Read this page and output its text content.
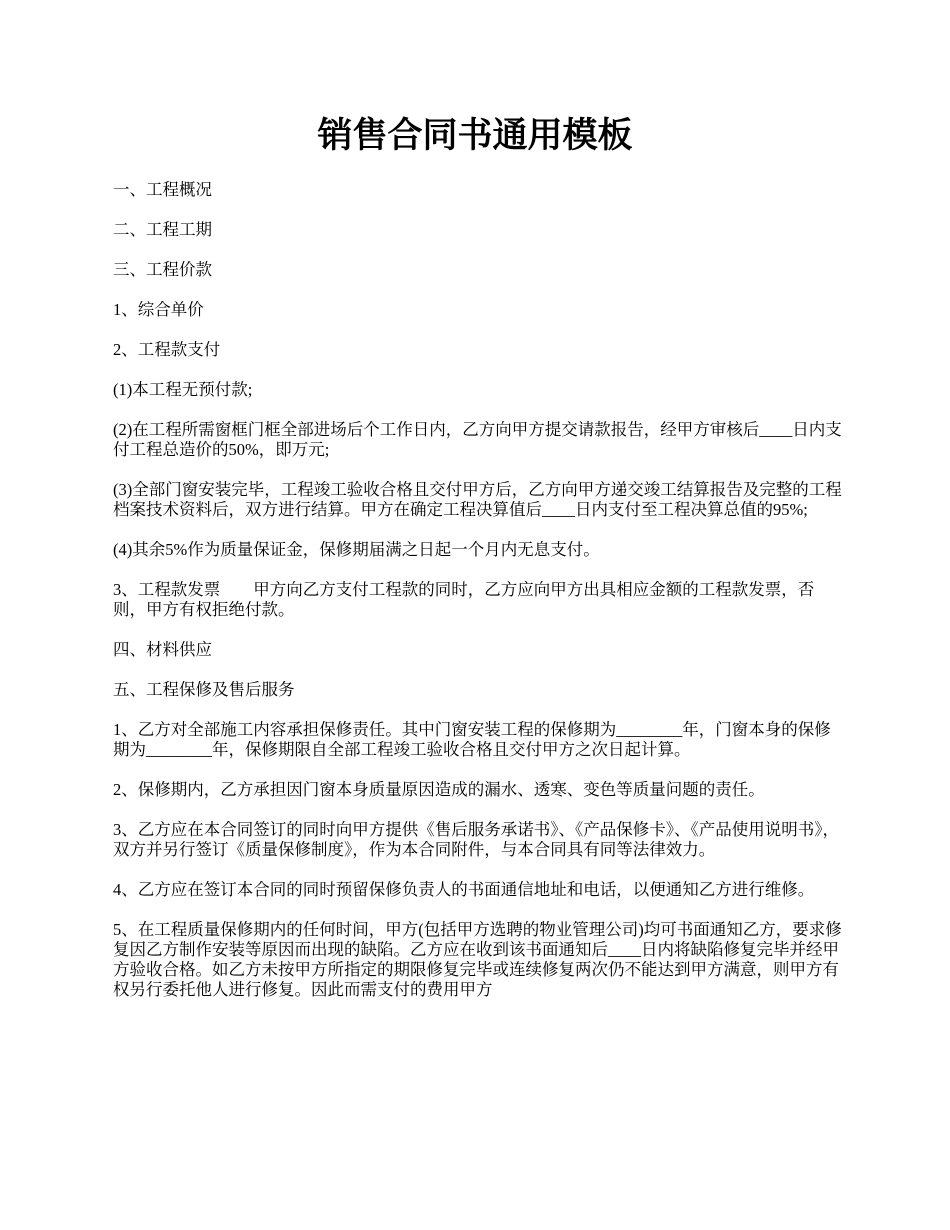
销售合同书通用模板

一、工程概况

二、工程工期

三、工程价款

1、综合单价

2、工程款支付

(1)本工程无预付款;

(2)在工程所需窗框门框全部进场后个工作日内，乙方向甲方提交请款报告，经甲方审核后____日内支付工程总造价的50%，即万元;

(3)全部门窗安装完毕，工程竣工验收合格且交付甲方后，乙方向甲方递交竣工结算报告及完整的工程档案技术资料后，双方进行结算。甲方在确定工程决算值后____日内支付至工程决算总值的95%;

(4)其余5%作为质量保证金，保修期届满之日起一个月内无息支付。

3、工程款发票　　甲方向乙方支付工程款的同时，乙方应向甲方出具相应金额的工程款发票，否则，甲方有权拒绝付款。

四、材料供应

五、工程保修及售后服务

1、乙方对全部施工内容承担保修责任。其中门窗安装工程的保修期为________年，门窗本身的保修期为________年，保修期限自全部工程竣工验收合格且交付甲方之次日起计算。

2、保修期内，乙方承担因门窗本身质量原因造成的漏水、透寒、变色等质量问题的责任。

3、乙方应在本合同签订的同时向甲方提供《售后服务承诺书》、《产品保修卡》、《产品使用说明书》，双方并另行签订《质量保修制度》，作为本合同附件，与本合同具有同等法律效力。

4、乙方应在签订本合同的同时预留保修负责人的书面通信地址和电话，以便通知乙方进行维修。

5、在工程质量保修期内的任何时间，甲方(包括甲方选聘的物业管理公司)均可书面通知乙方，要求修复因乙方制作安装等原因而出现的缺陷。乙方应在收到该书面通知后____日内将缺陷修复完毕并经甲方验收合格。如乙方未按甲方所指定的期限修复完毕或连续修复两次仍不能达到甲方满意，则甲方有权另行委托他人进行修复。因此而需支付的费用甲方
